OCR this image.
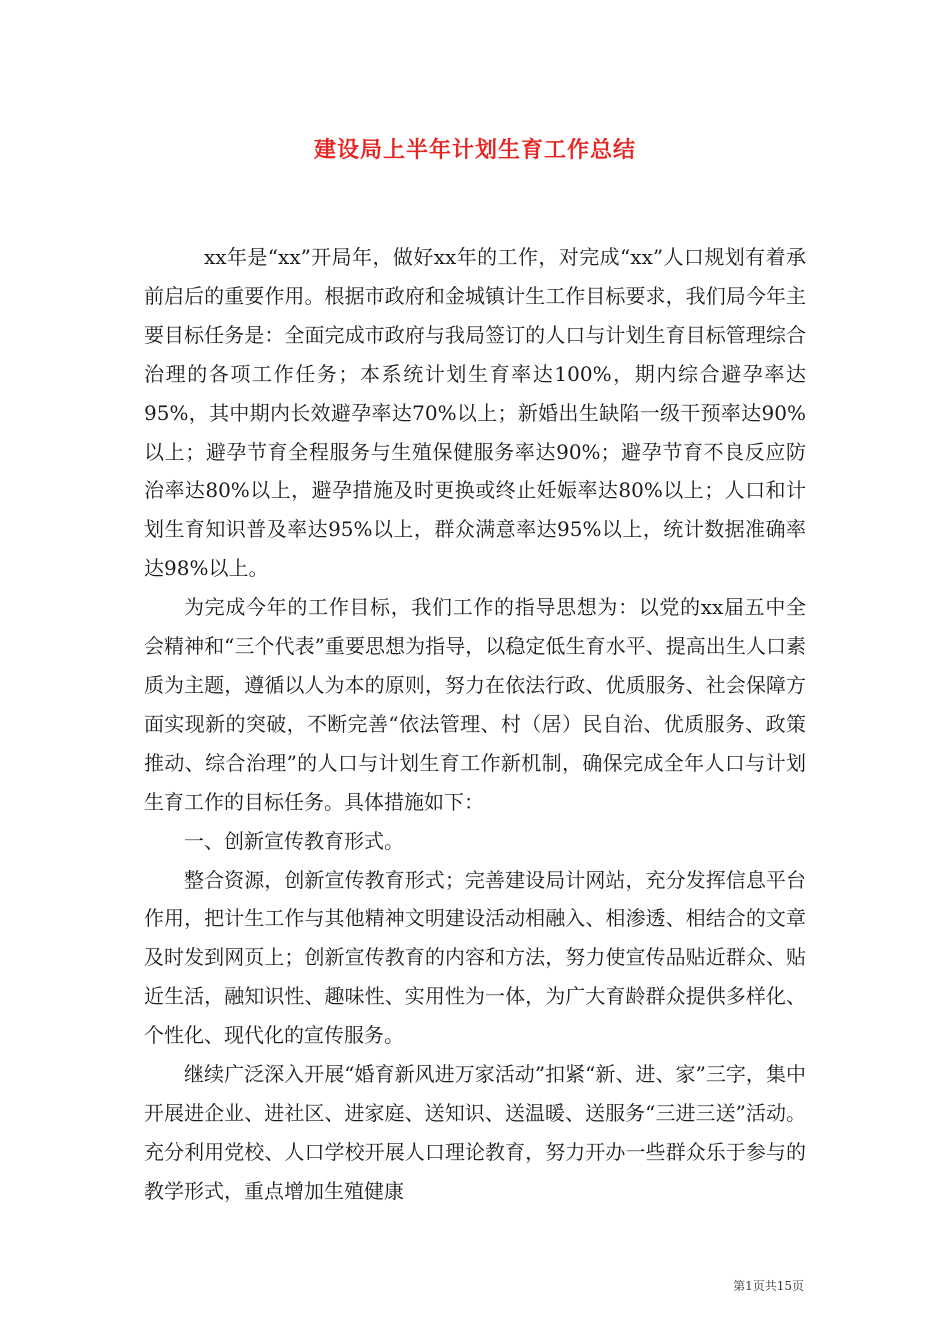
建设局上半年计划生育工作总结

xx年是“xx”开局年，做好xx年的工作，对完成“xx”人口规划有着承前启后的重要作用。根据市政府和金城镇计生工作目标要求，我们局今年主要目标任务是：全面完成市政府与我局签订的人口与计划生育目标管理综合治理的各项工作任务；本系统计划生育率达100%，期内综合避孕率达95%，其中期内长效避孕率达70%以上；新婚出生缺陷一级干预率达90%以上；避孕节育全程服务与生殖保健服务率达90%；避孕节育不良反应防治率达80%以上，避孕措施及时更换或终止妊娠率达80%以上；人口和计划生育知识普及率达95%以上，群众满意率达95%以上，统计数据准确率达98%以上。

为完成今年的工作目标，我们工作的指导思想为：以党的xx届五中全会精神和“三个代表”重要思想为指导，以稳定低生育水平、提高出生人口素质为主题，遵循以人为本的原则，努力在依法行政、优质服务、社会保障方面实现新的突破，不断完善“依法管理、村（居）民自治、优质服务、政策推动、综合治理”的人口与计划生育工作新机制，确保完成全年人口与计划生育工作的目标任务。具体措施如下：

一、创新宣传教育形式。

整合资源，创新宣传教育形式；完善建设局计网站，充分发挥信息平台作用，把计生工作与其他精神文明建设活动相融入、相渗透、相结合的文章及时发到网页上；创新宣传教育的内容和方法，努力使宣传品贴近群众、贴近生活，融知识性、趣味性、实用性为一体，为广大育龄群众提供多样化、个性化、现代化的宣传服务。

继续广泛深入开展“婚育新风进万家活动”扣紧“新、进、家”三字，集中开展进企业、进社区、进家庭、送知识、送温暖、送服务“三进三送”活动。充分利用党校、人口学校开展人口理论教育，努力开办一些群众乐于参与的教学形式，重点增加生殖健康

第1页共15页
